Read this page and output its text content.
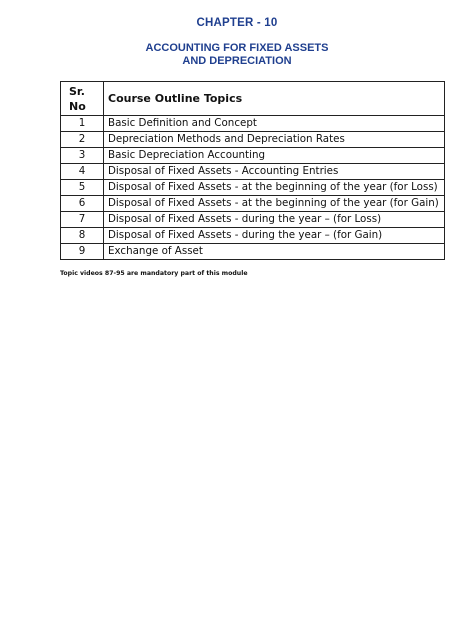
CHAPTER - 10
ACCOUNTING FOR FIXED ASSETS
AND DEPRECIATION
Sr.
No	Course Outline Topics
1	Basic Definition and Concept
2	Depreciation Methods and Depreciation Rates
3	Basic Depreciation Accounting
4	Disposal of Fixed Assets - Accounting Entries
5	Disposal of Fixed Assets - at the beginning of the year (for Loss)
6	Disposal of Fixed Assets - at the beginning of the year (for Gain)
7	Disposal of Fixed Assets - during the year – (for Loss)
8	Disposal of Fixed Assets - during the year – (for Gain)
9	Exchange of Asset
Topic videos 87-95 are mandatory part of this module
